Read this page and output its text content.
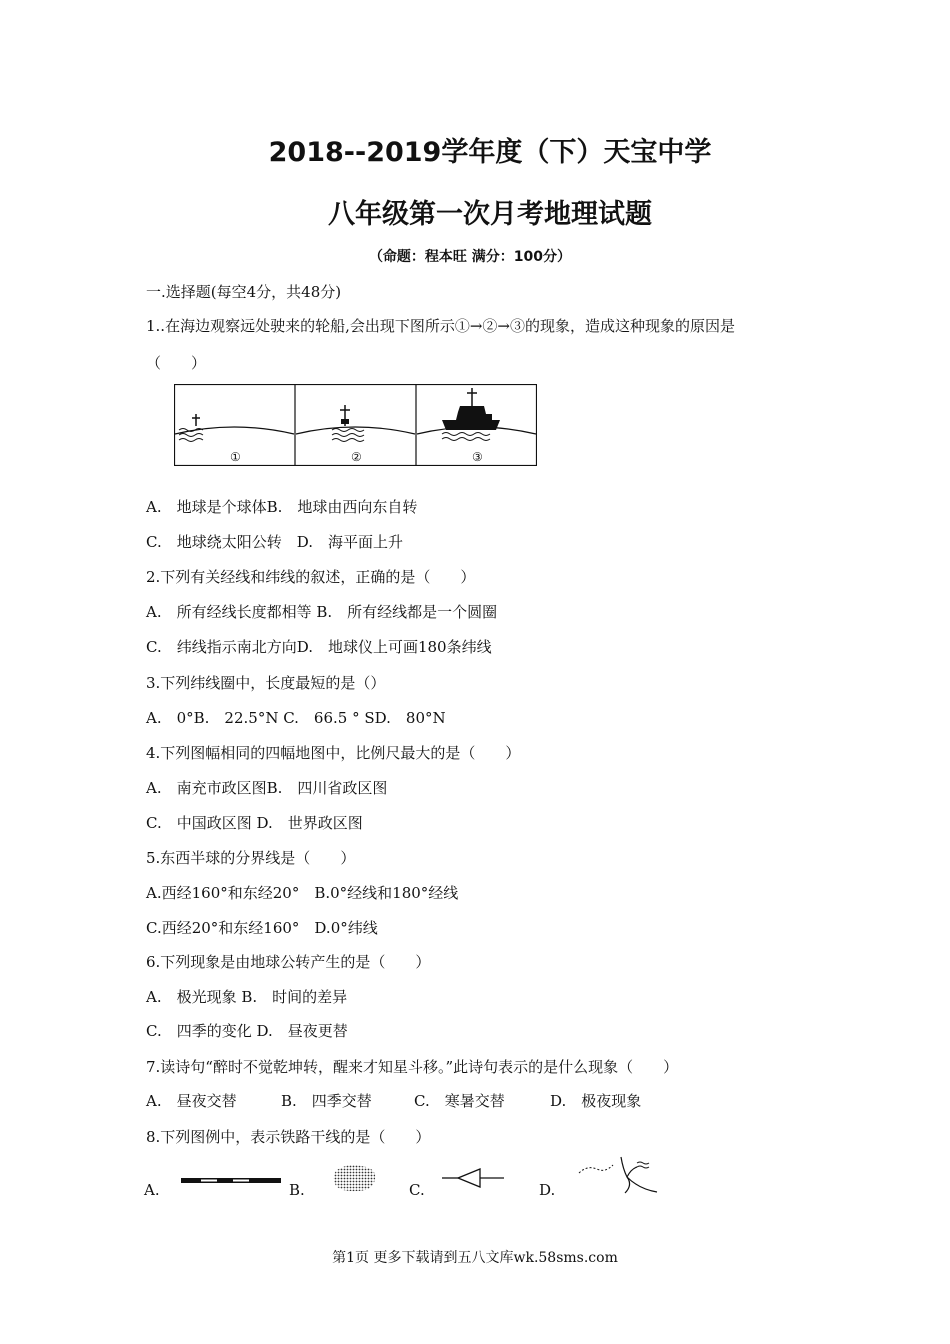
2018--2019学年度（下）天宝中学
八年级第一次月考地理试题
（命题：程本旺 满分：100分）
一.选择题(每空4分，共48分)
1..在海边观察远处驶来的轮船,会出现下图所示①→②→③的现象，造成这种现象的原因是
（　　）
①	②	③
A.　地球是个球体B.　地球由西向东自转
C.　地球绕太阳公转　D.　海平面上升
2.下列有关经线和纬线的叙述，正确的是（　　）
A.　所有经线长度都相等 B.　所有经线都是一个圆圈
C.　纬线指示南北方向D.　地球仪上可画180条纬线
3.下列纬线圈中，长度最短的是（）
A.　0°B.　22.5°N C.　66.5 ° SD.　80°N
4.下列图幅相同的四幅地图中，比例尺最大的是（　　）
A.　南充市政区图B.　四川省政区图
C.　中国政区图 D.　世界政区图
5.东西半球的分界线是（　　）
A.西经160°和东经20°　B.0°经线和180°经线
C.西经20°和东经160°　D.0°纬线
6.下列现象是由地球公转产生的是（　　）
A.　极光现象 B.　时间的差异
C.　四季的变化 D.　昼夜更替
7.读诗句“醉时不觉乾坤转，醒来才知星斗移。”此诗句表示的是什么现象（　　）
A.　昼夜交替	B.　四季交替	C.　寒暑交替	D.　极夜现象
8.下列图例中，表示铁路干线的是（　　）
A.	B.	C.	D.
第1页 更多下载请到五八文库wk.58sms.com
